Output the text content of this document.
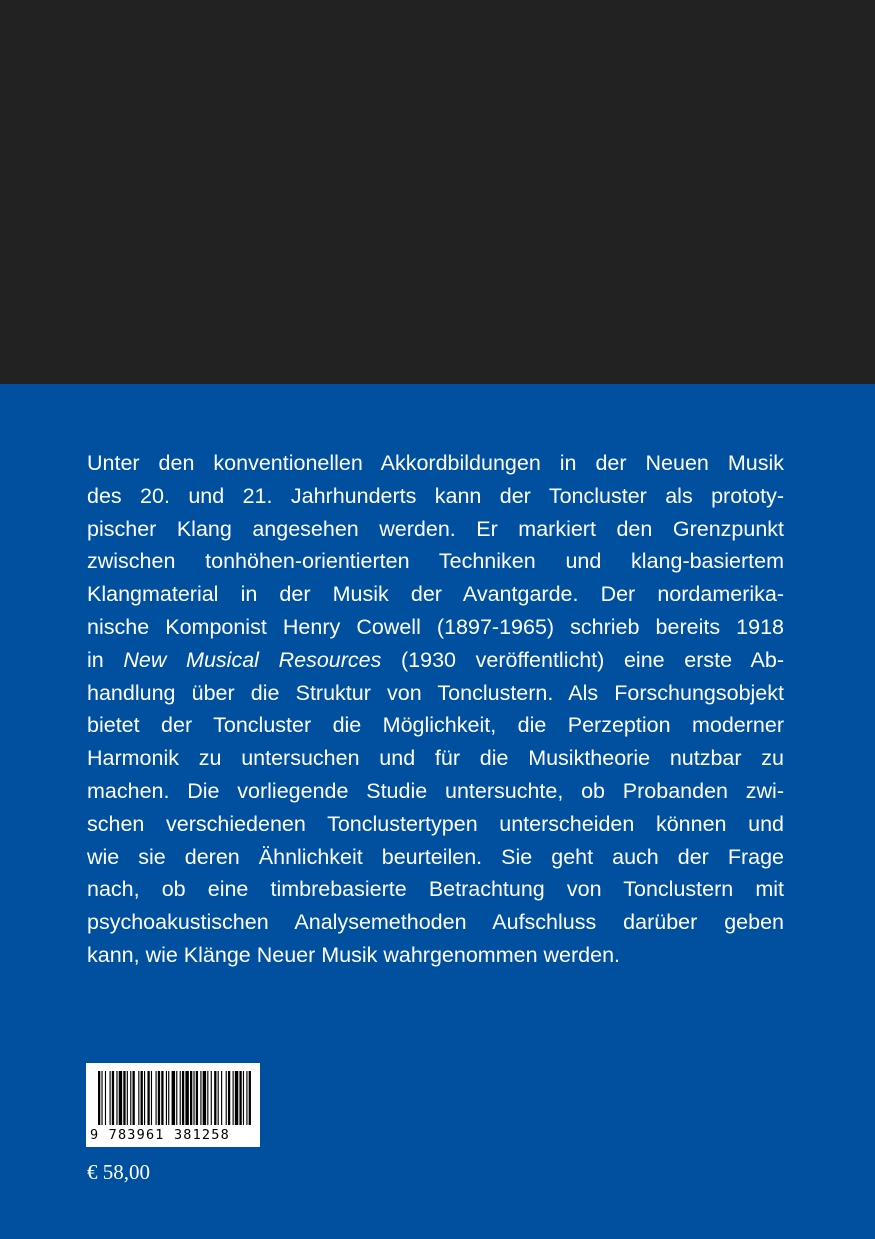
Unter den konventionellen Akkordbildungen in der Neuen Musik
des 20. und 21. Jahrhunderts kann der Toncluster als prototy-
pischer Klang angesehen werden. Er markiert den Grenzpunkt
zwischen tonhöhen-orientierten Techniken und klang-basiertem
Klangmaterial in der Musik der Avantgarde. Der nordamerika-
nische Komponist Henry Cowell (1897-1965) schrieb bereits 1918
in New Musical Resources (1930 veröffentlicht) eine erste Ab-
handlung über die Struktur von Tonclustern. Als Forschungsobjekt
bietet der Toncluster die Möglichkeit, die Perzeption moderner
Harmonik zu untersuchen und für die Musiktheorie nutzbar zu
machen. Die vorliegende Studie untersuchte, ob Probanden zwi-
schen verschiedenen Tonclustertypen unterscheiden können und
wie sie deren Ähnlichkeit beurteilen. Sie geht auch der Frage
nach, ob eine timbrebasierte Betrachtung von Tonclustern mit
psychoakustischen Analysemethoden Aufschluss darüber geben
kann, wie Klänge Neuer Musik wahrgenommen werden.
9 783961 381258
€ 58,00
